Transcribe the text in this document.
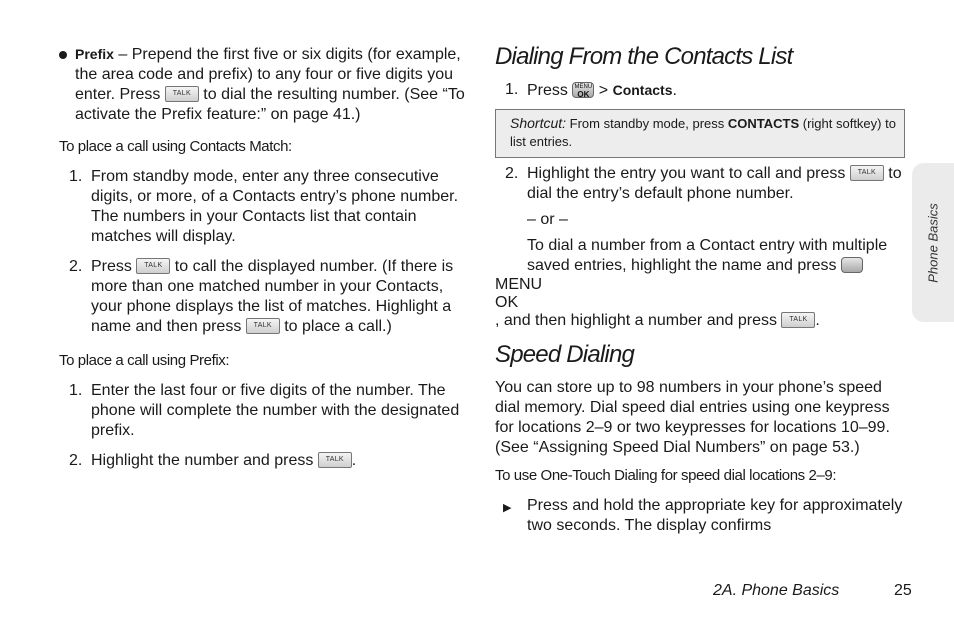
Prefix – Prepend the first five or six digits (for example, the area code and prefix) to any four or five digits you enter. Press TALK to dial the resulting number. (See “To activate the Prefix feature:” on page 41.)

To place a call using Contacts Match:

1. From standby mode, enter any three consecutive digits, or more, of a Contacts entry’s phone number. The numbers in your Contacts list that contain matches will display.
2. Press TALK to call the displayed number. (If there is more than one matched number in your Contacts, your phone displays the list of matches. Highlight a name and then press TALK to place a call.)

To place a call using Prefix:

1. Enter the last four or five digits of the number. The phone will complete the number with the designated prefix.
2. Highlight the number and press TALK .
Dialing From the Contacts List
1. Press MENU
OK > Contacts.
Shortcut: From standby mode, press CONTACTS (right softkey) to list entries.
2. Highlight the entry you want to call and press TALK to dial the entry’s default phone number.

– or –

To dial a number from a Contact entry with multiple saved entries, highlight the name and press

MENU
OK
, and then highlight a number and press TALK .

Speed Dialing

You can store up to 98 numbers in your phone’s speed dial memory. Dial speed dial entries using one keypress for locations 2–9 or two keypresses for locations 10–99. (See “Assigning Speed Dial Numbers” on page 53.)

To use One-Touch Dialing for speed dial locations 2–9:

▶ Press and hold the appropriate key for approximately two seconds. The display confirms
Phone Basics
2A. Phone Basics	25
